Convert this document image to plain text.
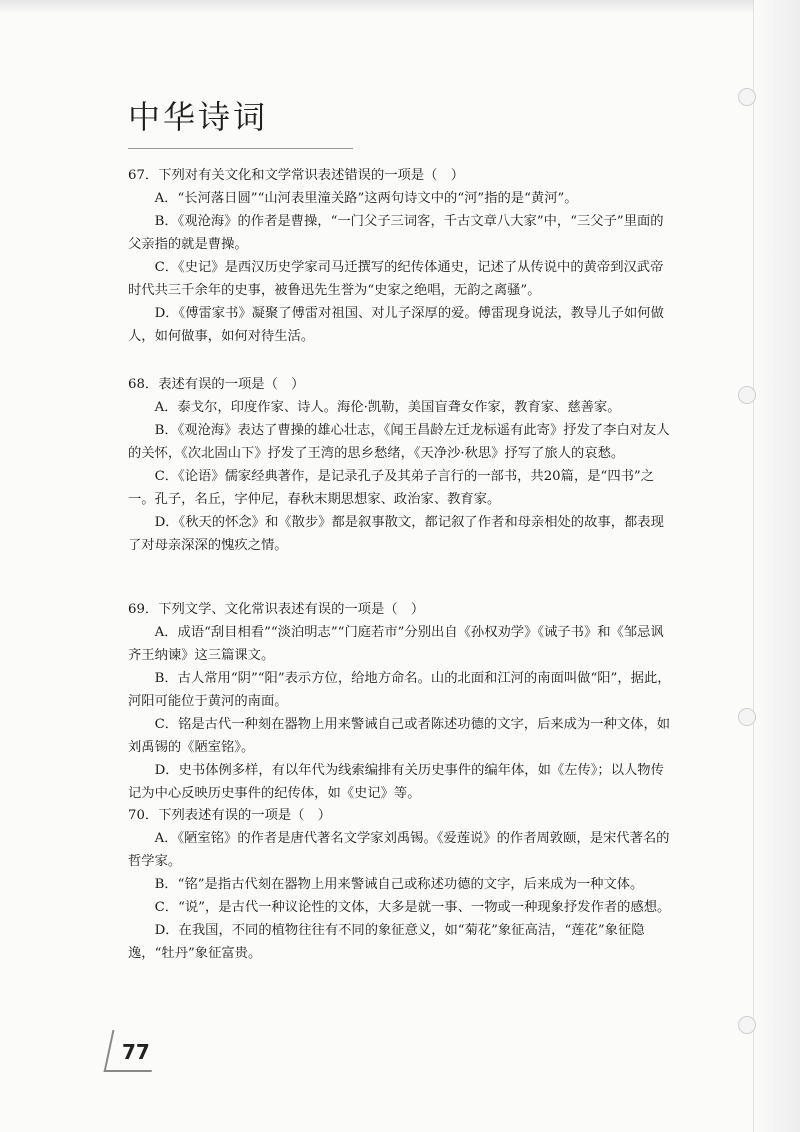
中华诗词

67．下列对有关文化和文学常识表述错误的一项是（　）

A．“长河落日圆”“山河表里潼关路”这两句诗文中的“河”指的是“黄河”。

B．《观沧海》的作者是曹操，“一门父子三词客，千古文章八大家”中，“三父子”里面的父亲指的就是曹操。

C．《史记》是西汉历史学家司马迁撰写的纪传体通史，记述了从传说中的黄帝到汉武帝时代共三千余年的史事，被鲁迅先生誉为“史家之绝唱，无韵之离骚”。

D．《傅雷家书》凝聚了傅雷对祖国、对儿子深厚的爱。傅雷现身说法，教导儿子如何做人，如何做事，如何对待生活。

68．表述有误的一项是（　）

A．泰戈尔，印度作家、诗人。海伦·凯勒，美国盲聋女作家，教育家、慈善家。

B．《观沧海》表达了曹操的雄心壮志，《闻王昌龄左迁龙标遥有此寄》抒发了李白对友人的关怀，《次北固山下》抒发了王湾的思乡愁绪，《天净沙·秋思》抒写了旅人的哀愁。

C．《论语》儒家经典著作，是记录孔子及其弟子言行的一部书，共20篇，是“四书”之一。孔子，名丘，字仲尼，春秋末期思想家、政治家、教育家。

D．《秋天的怀念》和《散步》都是叙事散文，都记叙了作者和母亲相处的故事，都表现了对母亲深深的愧疚之情。

69．下列文学、文化常识表述有误的一项是（　）

A．成语“刮目相看”“淡泊明志”“门庭若市”分别出自《孙权劝学》《诫子书》和《邹忌讽齐王纳谏》这三篇课文。

B．古人常用“阴”“阳”表示方位，给地方命名。山的北面和江河的南面叫做“阳”，据此，河阳可能位于黄河的南面。

C．铭是古代一种刻在器物上用来警诫自己或者陈述功德的文字，后来成为一种文体，如刘禹锡的《陋室铭》。

D．史书体例多样，有以年代为线索编排有关历史事件的编年体，如《左传》；以人物传记为中心反映历史事件的纪传体，如《史记》等。

70．下列表述有误的一项是（　）

A．《陋室铭》的作者是唐代著名文学家刘禹锡。《爱莲说》的作者周敦颐，是宋代著名的哲学家。

B．“铭”是指古代刻在器物上用来警诫自己或称述功德的文字，后来成为一种文体。

C．“说”，是古代一种议论性的文体，大多是就一事、一物或一种现象抒发作者的感想。

D．在我国，不同的植物往往有不同的象征意义，如“菊花”象征高洁，“莲花”象征隐逸，“牡丹”象征富贵。

77
